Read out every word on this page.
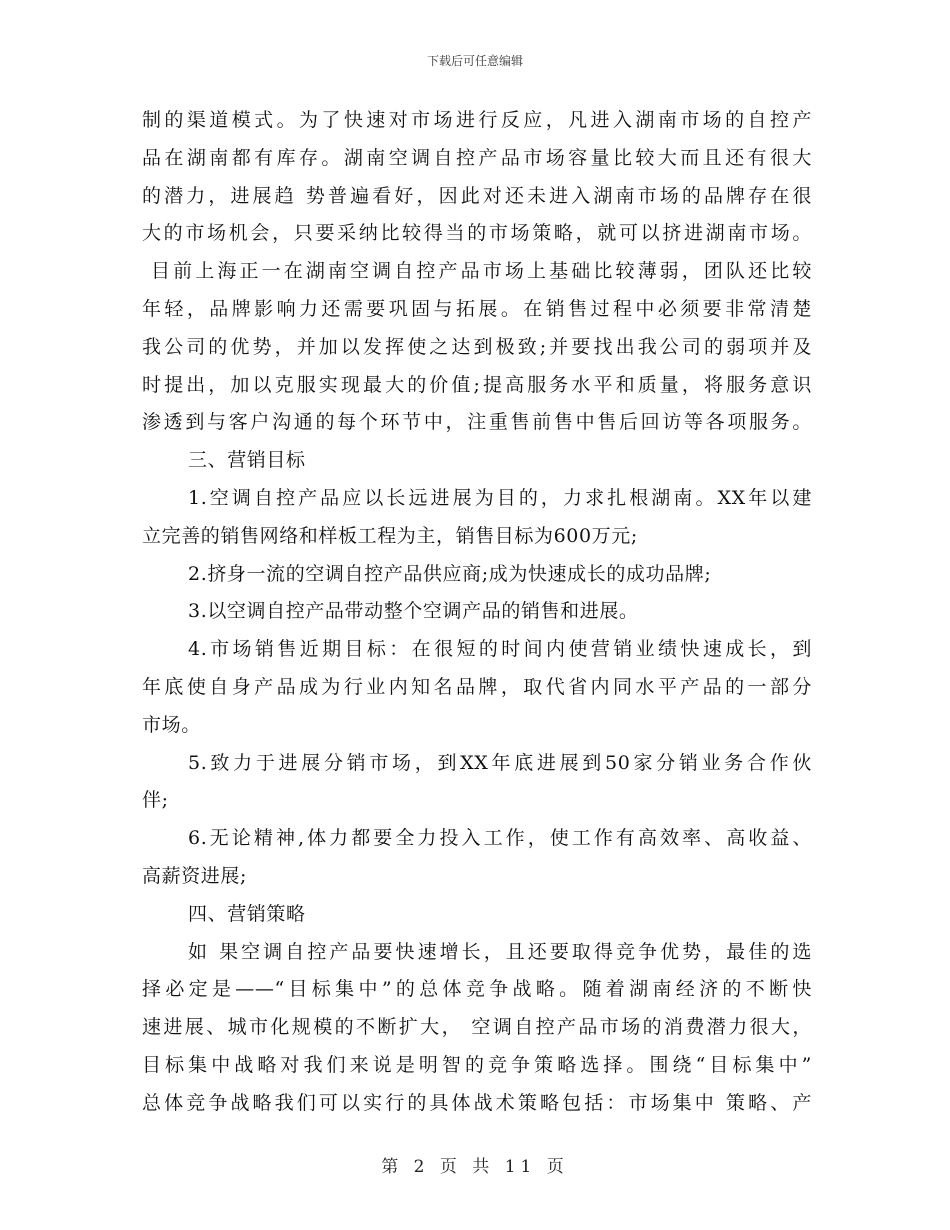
下载后可任意编辑
制的渠道模式。为了快速对市场进行反应，凡进入湖南市场的自控产
品在湖南都有库存。湖南空调自控产品市场容量比较大而且还有很大
的潜力，进展趋 势普遍看好，因此对还未进入湖南市场的品牌存在很
大的市场机会，只要采纳比较得当的市场策略，就可以挤进湖南市场。
目前上海正一在湖南空调自控产品市场上基础比较薄弱，团队还比较
年轻，品牌影响力还需要巩固与拓展。在销售过程中必须要非常清楚
我公司的优势，并加以发挥使之达到极致;并要找出我公司的弱项并及
时提出，加以克服实现最大的价值;提高服务水平和质量，将服务意识
渗透到与客户沟通的每个环节中，注重售前售中售后回访等各项服务。
三、营销目标
1.空调自控产品应以长远进展为目的，力求扎根湖南。XX年以建
立完善的销售网络和样板工程为主，销售目标为600万元;
2.挤身一流的空调自控产品供应商;成为快速成长的成功品牌;
3.以空调自控产品带动整个空调产品的销售和进展。
4.市场销售近期目标：在很短的时间内使营销业绩快速成长，到
年底使自身产品成为行业内知名品牌，取代省内同水平产品的一部分
市场。
5.致力于进展分销市场，到XX年底进展到50家分销业务合作伙
伴;
6.无论精神,体力都要全力投入工作，使工作有高效率、高收益、
高薪资进展;
四、营销策略
如 果空调自控产品要快速增长，且还要取得竞争优势，最佳的选
择必定是——“目标集中”的总体竞争战略。随着湖南经济的不断快
速进展、城市化规模的不断扩大， 空调自控产品市场的消费潜力很大，
目标集中战略对我们来说是明智的竞争策略选择。围绕“目标集中”
总体竞争战略我们可以实行的具体战术策略包括：市场集中 策略、产
第 2 页 共 11 页
